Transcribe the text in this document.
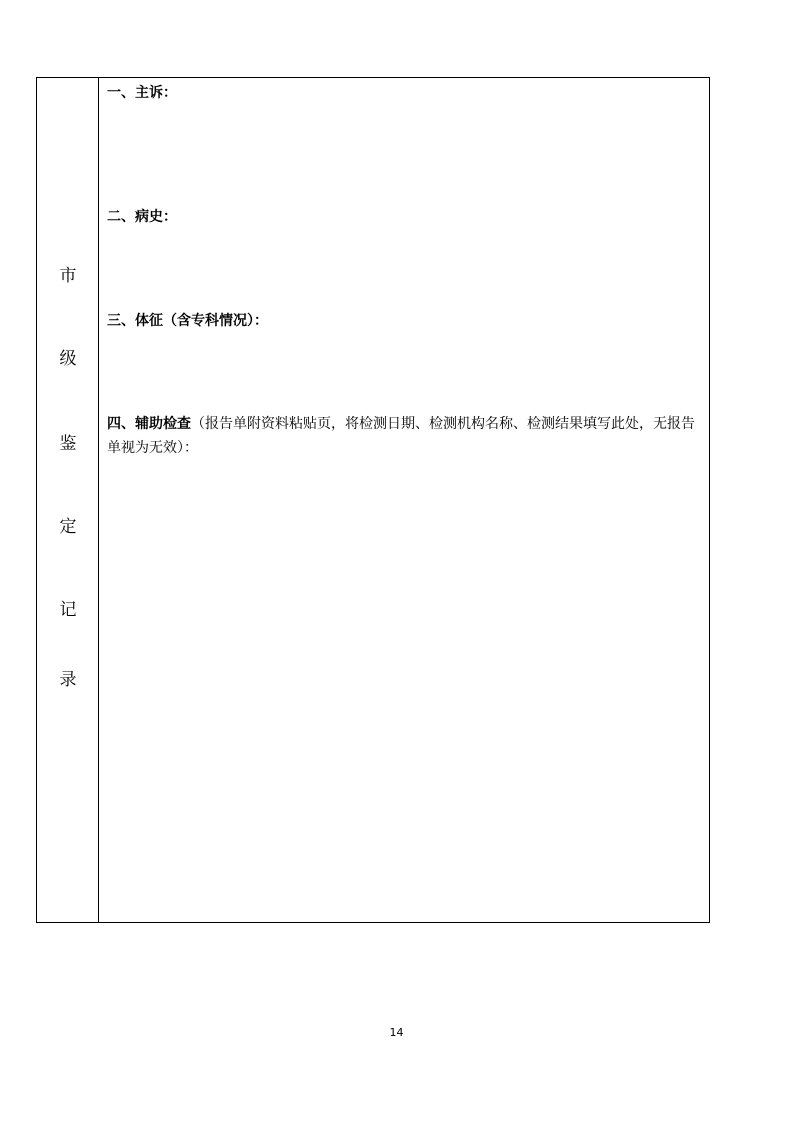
市
级
鉴
定
记
录
一、主诉：
二、病史：
三、体征（含专科情况）：
四、辅助检查（报告单附资料粘贴页，将检测日期、检测机构名称、检测结果填写此处，无报告单视为无效）：
14
